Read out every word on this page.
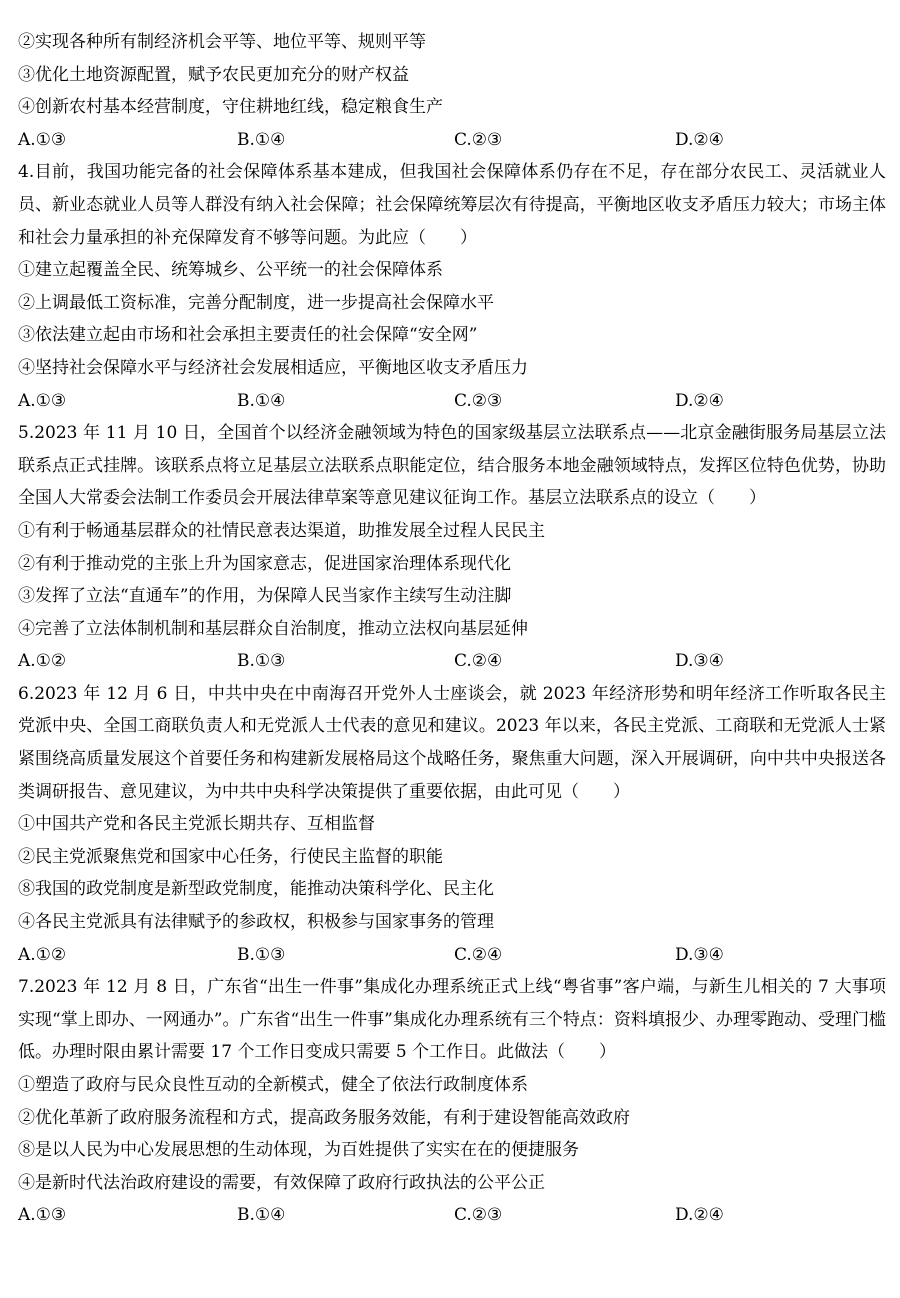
②实现各种所有制经济机会平等、地位平等、规则平等
③优化土地资源配置，赋予农民更加充分的财产权益
④创新农村基本经营制度，守住耕地红线，稳定粮食生产
A.①③	B.①④	C.②③	D.②④
4.目前，我国功能完备的社会保障体系基本建成，但我国社会保障体系仍存在不足，存在部分农民工、灵活就业人员、新业态就业人员等人群没有纳入社会保障；社会保障统筹层次有待提高，平衡地区收支矛盾压力较大；市场主体和社会力量承担的补充保障发育不够等问题。为此应（　　）
①建立起覆盖全民、统筹城乡、公平统一的社会保障体系
②上调最低工资标准，完善分配制度，进一步提高社会保障水平
③依法建立起由市场和社会承担主要责任的社会保障“安全网”
④坚持社会保障水平与经济社会发展相适应，平衡地区收支矛盾压力
A.①③	B.①④	C.②③	D.②④
5.2023 年 11 月 10 日，全国首个以经济金融领域为特色的国家级基层立法联系点——北京金融街服务局基层立法联系点正式挂牌。该联系点将立足基层立法联系点职能定位，结合服务本地金融领域特点，发挥区位特色优势，协助全国人大常委会法制工作委员会开展法律草案等意见建议征询工作。基层立法联系点的设立（　　）
①有利于畅通基层群众的社情民意表达渠道，助推发展全过程人民民主
②有利于推动党的主张上升为国家意志，促进国家治理体系现代化
③发挥了立法“直通车”的作用，为保障人民当家作主续写生动注脚
④完善了立法体制机制和基层群众自治制度，推动立法权向基层延伸
A.①②	B.①③	C.②④	D.③④
6.2023 年 12 月 6 日，中共中央在中南海召开党外人士座谈会，就 2023 年经济形势和明年经济工作听取各民主党派中央、全国工商联负责人和无党派人士代表的意见和建议。2023 年以来，各民主党派、工商联和无党派人士紧紧围绕高质量发展这个首要任务和构建新发展格局这个战略任务，聚焦重大问题，深入开展调研，向中共中央报送各类调研报告、意见建议，为中共中央科学决策提供了重要依据，由此可见（　　）
①中国共产党和各民主党派长期共存、互相监督
②民主党派聚焦党和国家中心任务，行使民主监督的职能
⑧我国的政党制度是新型政党制度，能推动决策科学化、民主化
④各民主党派具有法律赋予的参政权，积极参与国家事务的管理
A.①②	B.①③	C.②④	D.③④
7.2023 年 12 月 8 日，广东省“出生一件事”集成化办理系统正式上线“粤省事”客户端，与新生儿相关的 7 大事项实现“掌上即办、一网通办”。广东省“出生一件事”集成化办理系统有三个特点：资料填报少、办理零跑动、受理门槛低。办理时限由累计需要 17 个工作日变成只需要 5 个工作日。此做法（　　）
①塑造了政府与民众良性互动的全新模式，健全了依法行政制度体系
②优化革新了政府服务流程和方式，提高政务服务效能，有利于建设智能高效政府
⑧是以人民为中心发展思想的生动体现，为百姓提供了实实在在的便捷服务
④是新时代法治政府建设的需要，有效保障了政府行政执法的公平公正
A.①③	B.①④	C.②③	D.②④
